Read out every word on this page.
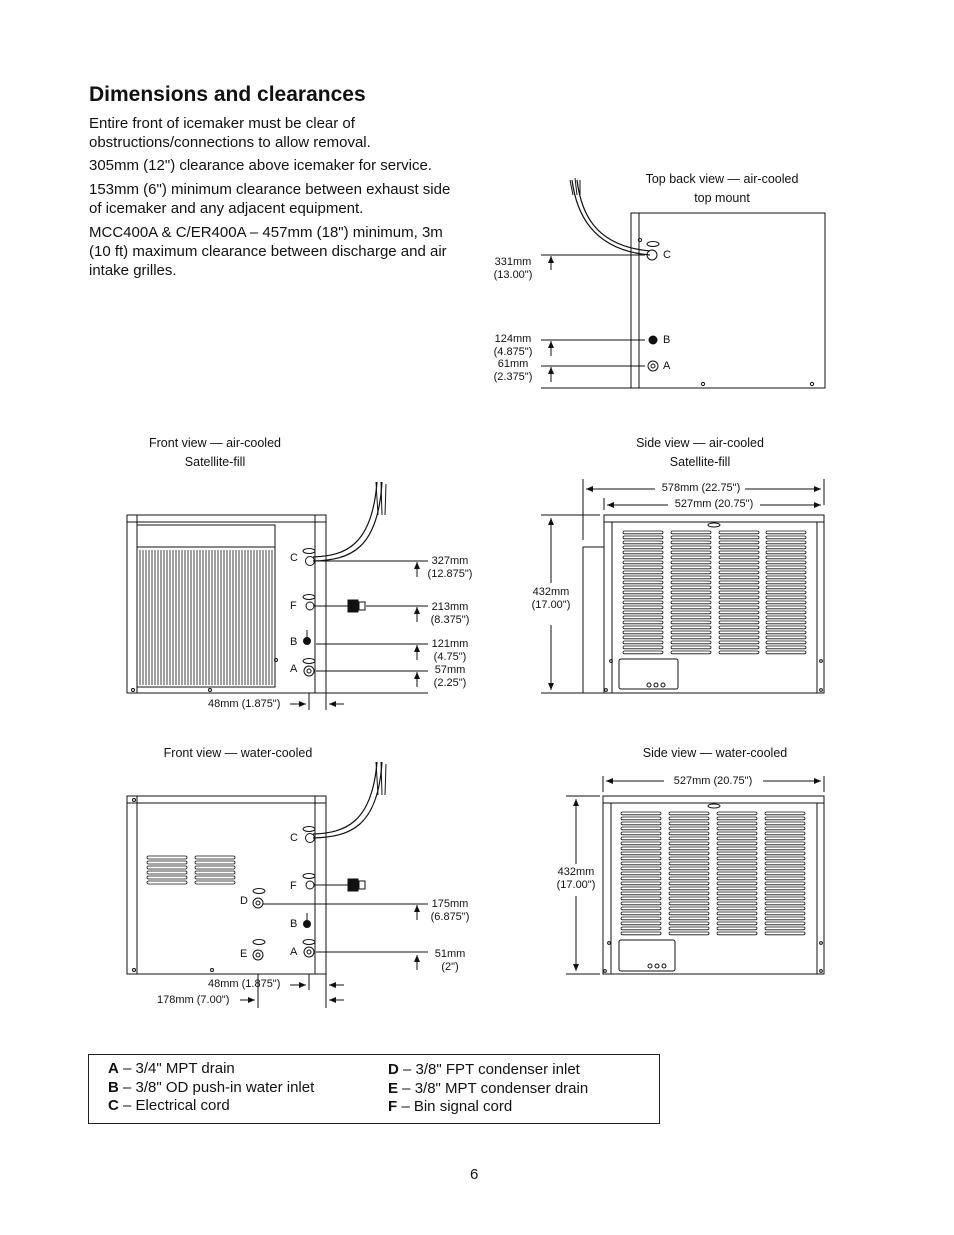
Dimensions and clearances

Entire front of icemaker must be clear of obstructions/connections to allow removal.

305mm (12") clearance above icemaker for service.

153mm (6") minimum clearance between exhaust side of icemaker and any adjacent equipment.

MCC400A & C/ER400A – 457mm (18") minimum, 3m (10 ft) maximum clearance between discharge and air intake grilles.

Top back view — air-cooled
top mount
331mm
(13.00")
124mm
(4.875")
61mm
(2.375")
C
B
A
Front view — air-cooled
Satellite-fill
327mm
(12.875")
213mm
(8.375")
121mm
(4.75")
57mm
(2.25")
48mm (1.875")
C
F
B
A
Side view — air-cooled
Satellite-fill
578mm (22.75")
527mm (20.75")
432mm
(17.00")
Front view — water-cooled
175mm
(6.875")
51mm
(2")
48mm (1.875")
178mm (7.00")
C
F
D
B
E	A
Side view — water-cooled
527mm (20.75")
432mm
(17.00")
A – 3/4" MPT drain
B – 3/8" OD push-in water inlet
C – Electrical cord
D – 3/8" FPT condenser inlet
E – 3/8" MPT condenser drain
F – Bin signal cord
6
